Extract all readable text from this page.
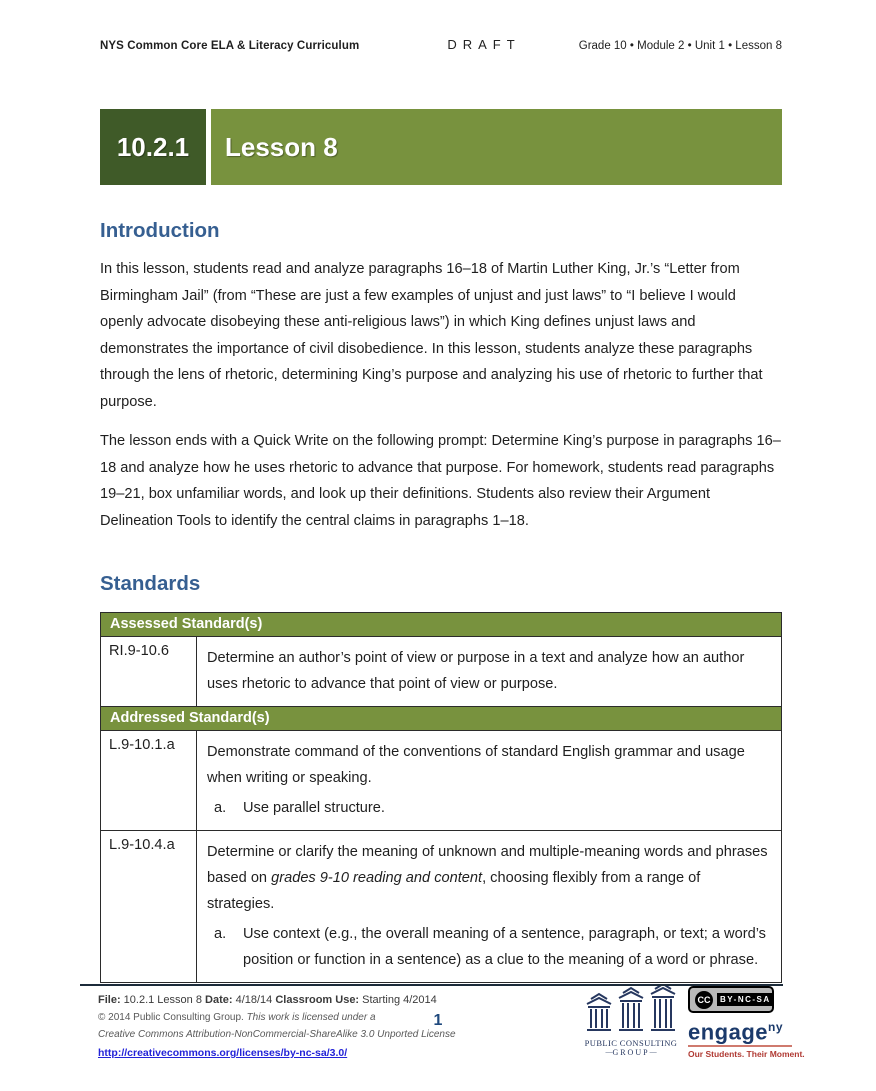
NYS Common Core ELA & Literacy Curriculum	DRAFT	Grade 10 • Module 2 • Unit 1 • Lesson 8
10.2.1	Lesson 8
Introduction

In this lesson, students read and analyze paragraphs 16–18 of Martin Luther King, Jr.’s “Letter from Birmingham Jail” (from “These are just a few examples of unjust and just laws” to “I believe I would openly advocate disobeying these anti-religious laws”) in which King defines unjust laws and demonstrates the importance of civil disobedience. In this lesson, students analyze these paragraphs through the lens of rhetoric, determining King’s purpose and analyzing his use of rhetoric to further that purpose.

The lesson ends with a Quick Write on the following prompt: Determine King’s purpose in paragraphs 16–18 and analyze how he uses rhetoric to advance that purpose. For homework, students read paragraphs 19–21, box unfamiliar words, and look up their definitions. Students also review their Argument Delineation Tools to identify the central claims in paragraphs 1–18.

Standards
Assessed Standard(s)	
RI.9-10.6	Determine an author’s point of view or purpose in a text and analyze how an author uses rhetoric to advance that point of view or purpose.

Addressed Standard(s)	
L.9-10.1.a	Demonstrate command of the conventions of standard English grammar and usage when writing or speaking.
a. Use parallel structure.

L.9-10.4.a	Determine or clarify the meaning of unknown and multiple-meaning words and phrases based on grades 9-10 reading and content, choosing flexibly from a range of strategies.
a. Use context (e.g., the overall meaning of a sentence, paragraph, or text; a word’s position or function in a sentence) as a clue to the meaning of a word or phrase.
File: 10.2.1 Lesson 8 Date: 4/18/14 Classroom Use: Starting 4/2014
© 2014 Public Consulting Group. This work is licensed under a
Creative Commons Attribution-NonCommercial-ShareAlike 3.0 Unported License
http://creativecommons.org/licenses/by-nc-sa/3.0/
1
PUBLIC CONSULTING
— GROUP —
CC	BY-NC-SA
engage$^{ny}$
Our Students. Their Moment.
